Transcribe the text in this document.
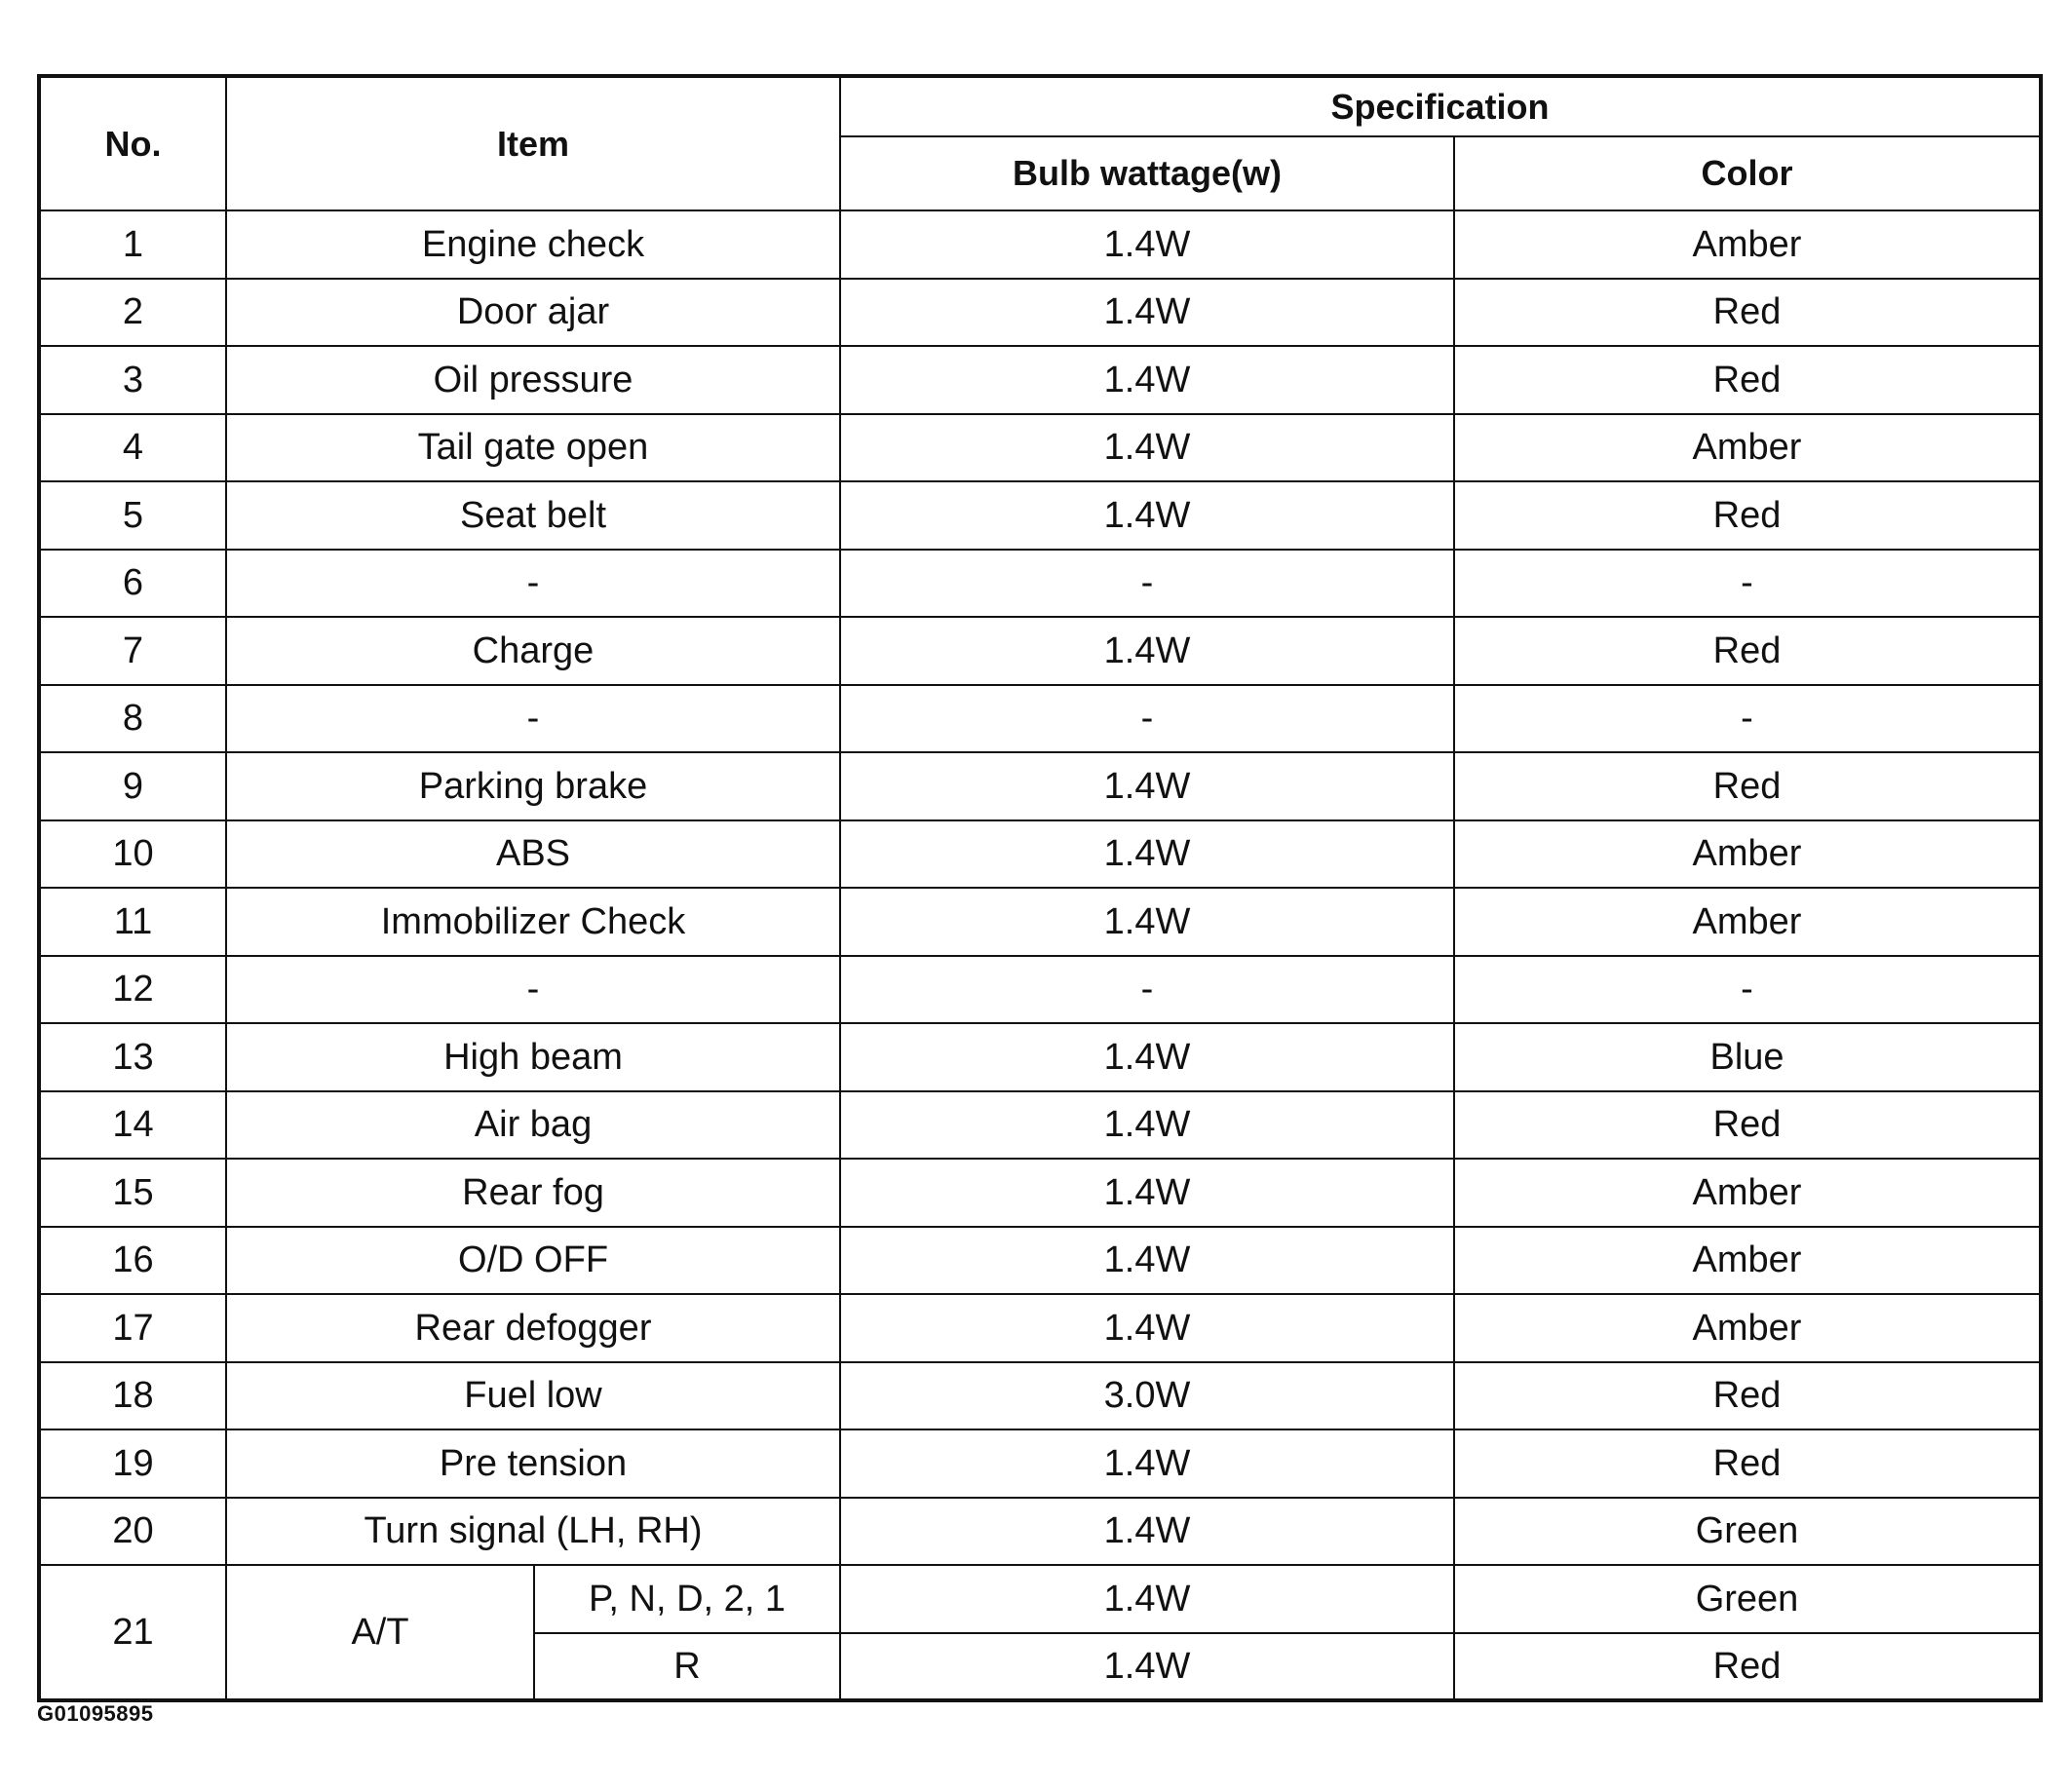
No.	Item		Specification	
			Bulb wattage(w)	Color
1	Engine check		1.4W	Amber
2	Door ajar		1.4W	Red
3	Oil pressure		1.4W	Red
4	Tail gate open		1.4W	Amber
5	Seat belt		1.4W	Red
6	-		-	-
7	Charge		1.4W	Red
8	-		-	-
9	Parking brake		1.4W	Red
10	ABS		1.4W	Amber
11	Immobilizer Check		1.4W	Amber
12	-		-	-
13	High beam		1.4W	Blue
14	Air bag		1.4W	Red
15	Rear fog		1.4W	Amber
16	O/D OFF		1.4W	Amber
17	Rear defogger		1.4W	Amber
18	Fuel low		3.0W	Red
19	Pre tension		1.4W	Red
20	Turn signal (LH, RH)		1.4W	Green
21	A/T	P, N, D, 2, 1	1.4W	Green
		R	1.4W	Red
G01095895
